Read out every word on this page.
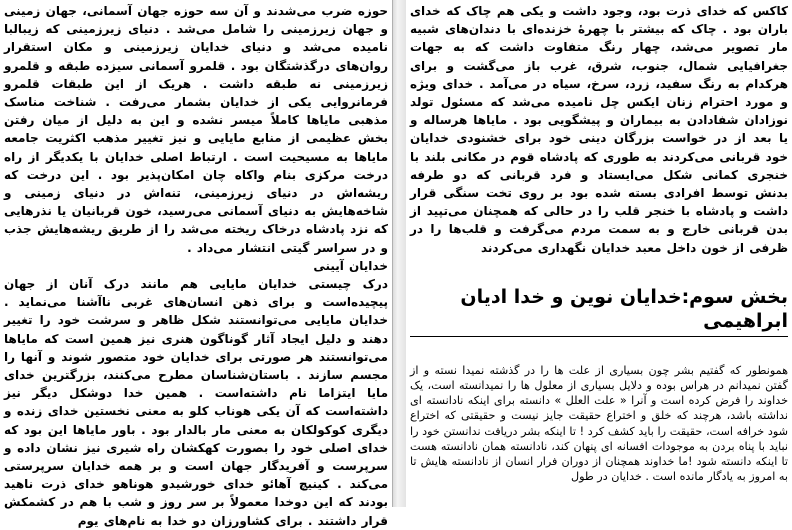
حوزه ضرب می‌شدند و آن سه حوزه جهان آسمانی، جهان زمینی و جهان زیرزمینی را شامل می‌شد . دنیای زیرزمینی که زیبالبا نامیده می‌شد و دنیای خدایان زیرزمینی و مکان استقرار روان‌های درگذشتگان بود . قلمرو آسمانی سیزده طبقه و قلمرو زیرزمینی نه طبقه داشت . هریک از این طبقات قلمرو فرمانروایی یکی از خدایان بشمار می‌رفت . شناخت مناسک مذهبی مایاها کاملاً میسر نشده و این به دلیل از میان رفتن بخش عظیمی از منابع مایایی و نیز تغییر مذهب اکثریت جامعه مایاها به مسیحیت است . ارتباط اصلی خدایان با یکدیگر از راه درخت مرکزی بنام واکاه چان امکان‌پذیر بود . این درخت که ریشه‌اش در دنیای زیرزمینی، تنه‌اش در دنیای زمینی و شاخه‌هایش به دنیای آسمانی می‌رسید، خون قربانیان یا نذرهایی که نزد پادشاه درخاک ریخته می‌شد را از طریق ریشه‌هایش جذب و در سراسر گیتی انتشار می‌داد .

خدایان آیینی

درک چیستی خدایان مایایی هم مانند درک آنان از جهان پیچیده‌است و برای ذهن انسان‌های غربی ناآشنا می‌نماید . خدایان مایایی می‌توانستند شکل ظاهر و سرشت خود را تغییر دهند و دلیل ایجاد آثار گوناگون هنری نیز همین است که مایاها می‌توانستند هر صورتی برای خدایان خود متصور شوند و آنها را مجسم سازند . باستان‌شناسان مطرح می‌کنند، بزرگترین خدای مایا ایتزاما نام داشته‌است . همین خدا دوشکل دیگر نیز داشته‌است که آن یکی هوناب کلو به معنی نخستین خدای زنده و دیگری کوکولکان به معنی مار بالدار بود . باور مایاها این بود که خدای اصلی خود را بصورت کهکشان راه شیری نیز نشان داده و سرپرست و آفریدگار جهان است و بر همه خدایان سرپرستی می‌کند . کینیچ آهائو خدای خورشیدو هوناهو خدای ذرت ناهید بودند که این دوخدا معمولاً بر سر روز و شب با هم در کشمکش قرار داشتند . برای کشاورزان دو خدا به نام‌های یوم

کاکس که خدای ذرت بود، وجود داشت و یکی هم چاک که خدای باران بود . چاک که بیشتر با چهرهٔ خزنده‌ای با دندان‌های شبیه مار تصویر می‌شد، چهار رنگ متفاوت داشت که به جهات جغرافیایی شمال، جنوب، شرق، غرب باز می‌گشت و برای هرکدام به رنگ سفید، زرد، سرخ، سیاه در می‌آمد . خدای ویژه و مورد احترام زنان ایکس چل نامیده می‌شد که مسئول تولد نوزادان شفادادن به بیماران و پیشگویی بود . مایاها هرساله و یا بعد از در خواست بزرگان دینی خود برای خشنودی خدایان خود قربانی می‌کردند به طوری که پادشاه قوم در مکانی بلند با خنجری کمانی شکل می‌ایستاد و فرد قربانی که دو طرفه بدنش توسط افرادی بسته شده بود بر روی تخت سنگی قرار داشت و پادشاه با خنجر قلب را در حالی که همچنان می‌تپید از بدن قربانی خارج و به سمت مردم می‌گرفت و قلب‌ها را در ظرفی از خون داخل معبد خدایان نگهداری می‌کردند

بخش سوم:خدایان نوین و خدا ادیان ابراهیمی

همونطور که گفتیم بشر چون بسیاری از علت ها را در گذشته نمیدا نسته و از گفتن نمیدانم در هراس بوده و دلایل بسیاری از معلول ها را نمیدانسته است، یک خداوند را فرض کرده است و آنرا « علت العلل » دانسته برای اینکه نادانسته ای نداشته باشد، هرچند که خلق و اختراع حقیقت جایز نیست و حقیقتی که اختراع شود خرافه است، حقیقت را باید کشف کرد ! تا اینکه بشر دریافت ندانستن خود را نباید با پناه بردن به موجودات افسانه ای پنهان کند، نادانسته همان نادانسته هست تا اینکه دانسته شود !ما خداوند همچنان از دوران فرار انسان از نادانسته هایش تا به امروز به یادگار مانده است . خدایان در طول
